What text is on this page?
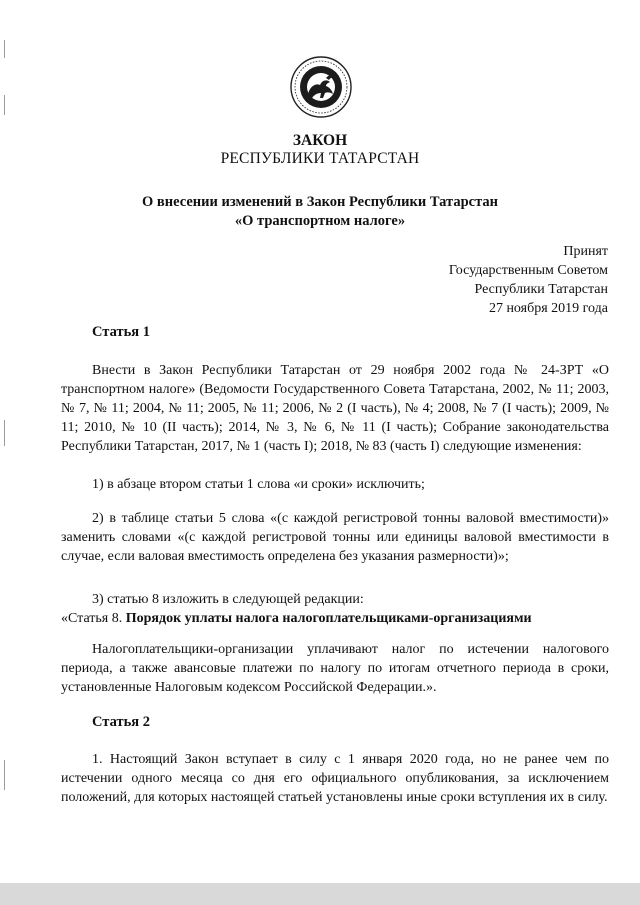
ЗАКОН
РЕСПУБЛИКИ ТАТАРСТАН
О внесении изменений в Закон Республики Татарстан
«О транспортном налоге»
Принят
Государственным Советом
Республики Татарстан
27 ноября 2019 года
Статья 1

Внести в Закон Республики Татарстан от 29 ноября 2002 года № 24-ЗРТ «О транспортном налоге» (Ведомости Государственного Совета Татарстана, 2002, № 11; 2003, № 7, № 11; 2004, № 11; 2005, № 11; 2006, № 2 (I часть), № 4; 2008, № 7 (I часть); 2009, № 11; 2010, № 10 (II часть); 2014, № 3, № 6, № 11 (I часть); Собрание законодательства Республики Татарстан, 2017, № 1 (часть I); 2018, № 83 (часть I) следующие изменения:

1) в абзаце втором статьи 1 слова «и сроки» исключить;

2) в таблице статьи 5 слова «(с каждой регистровой тонны валовой вместимости)» заменить словами «(с каждой регистровой тонны или единицы валовой вместимости в случае, если валовая вместимость определена без указания размерности)»;

3) статью 8 изложить в следующей редакции:

«Статья 8. Порядок уплаты налога налогоплательщиками-организациями

Налогоплательщики-организации уплачивают налог по истечении налогового периода, а также авансовые платежи по налогу по итогам отчетного периода в сроки, установленные Налоговым кодексом Российской Федерации.».

Статья 2

1. Настоящий Закон вступает в силу с 1 января 2020 года, но не ранее чем по истечении одного месяца со дня его официального опубликования, за исключением положений, для которых настоящей статьей установлены иные сроки вступления их в силу.
